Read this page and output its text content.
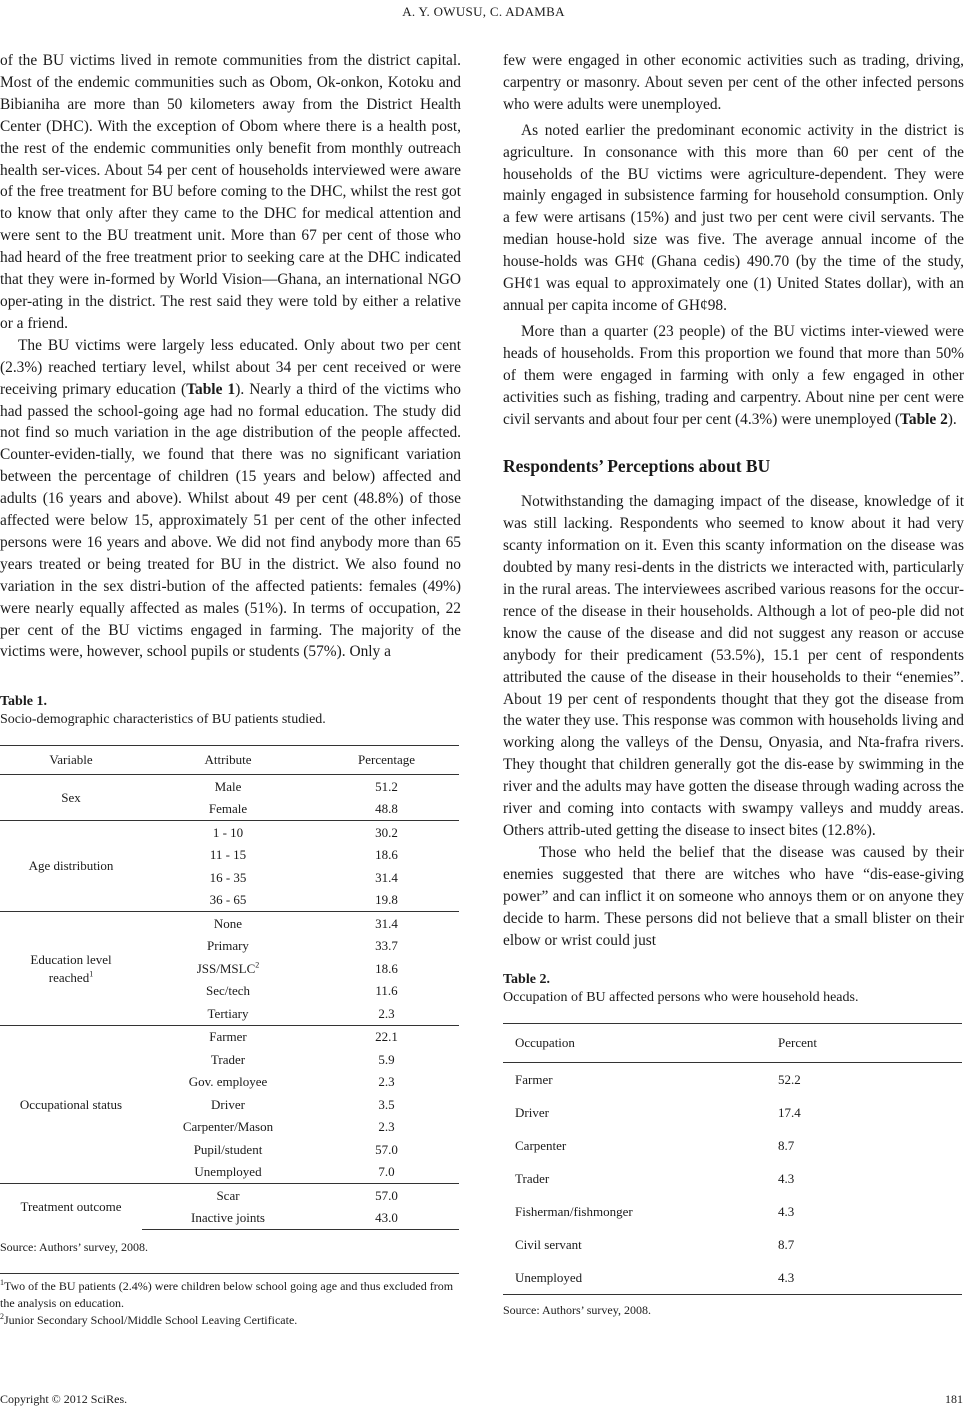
A. Y. OWUSU, C. ADAMBA

of the BU victims lived in remote communities from the district capital. Most of the endemic communities such as Obom, Ok-onkon, Kotoku and Bibianiha are more than 50 kilometers away from the District Health Center (DHC). With the exception of Obom where there is a health post, the rest of the endemic communities only benefit from monthly outreach health ser-vices. About 54 per cent of households interviewed were aware of the free treatment for BU before coming to the DHC, whilst the rest got to know that only after they came to the DHC for medical attention and were sent to the BU treatment unit. More than 67 per cent of those who had heard of the free treatment prior to seeking care at the DHC indicated that they were in-formed by World Vision—Ghana, an international NGO oper-ating in the district. The rest said they were told by either a relative or a friend.

The BU victims were largely less educated. Only about two per cent (2.3%) reached tertiary level, whilst about 34 per cent received or were receiving primary education (Table 1). Nearly a third of the victims who had passed the school-going age had no formal education. The study did not find so much variation in the age distribution of the people affected. Counter-eviden-tially, we found that there was no significant variation between the percentage of children (15 years and below) affected and adults (16 years and above). Whilst about 49 per cent (48.8%) of those affected were below 15, approximately 51 per cent of the other infected persons were 16 years and above. We did not find anybody more than 65 years treated or being treated for BU in the district. We also found no variation in the sex distri-bution of the affected patients: females (49%) were nearly equally affected as males (51%). In terms of occupation, 22 per cent of the BU victims engaged in farming. The majority of the victims were, however, school pupils or students (57%). Only a

Table 1.

Socio-demographic characteristics of BU patients studied.

Variable	Attribute	Percentage
Sex	Male	51.2
	Female	48.8
Age distribution	1 - 10	30.2
	11 - 15	18.6
	16 - 35	31.4
	36 - 65	19.8
Education level reached$^1$	None	31.4
	Primary	33.7
	JSS/MSLC$^2$	18.6
	Sec/tech	11.6
	Tertiary	2.3
Occupational status	Farmer	22.1
	Trader	5.9
	Gov. employee	2.3
	Driver	3.5
	Carpenter/Mason	2.3
	Pupil/student	57.0
	Unemployed	7.0
Treatment outcome	Scar	57.0
	Inactive joints	43.0
Source: Authors’ survey, 2008.

$^1$Two of the BU patients (2.4%) were children below school going age and thus excluded from the analysis on education.

$^2$Junior Secondary School/Middle School Leaving Certificate.

few were engaged in other economic activities such as trading, driving, carpentry or masonry. About seven per cent of the other infected persons who were adults were unemployed.

As noted earlier the predominant economic activity in the district is agriculture. In consonance with this more than 60 per cent of the households of the BU victims were agriculture-dependent. They were mainly engaged in subsistence farming for household consumption. Only a few were artisans (15%) and just two per cent were civil servants. The median house-hold size was five. The average annual income of the house-holds was GH¢ (Ghana cedis) 490.70 (by the time of the study, GH¢1 was equal to approximately one (1) United States dollar), with an annual per capita income of GH¢98.

More than a quarter (23 people) of the BU victims inter-viewed were heads of households. From this proportion we found that more than 50% of them were engaged in farming with only a few engaged in other activities such as fishing, trading and carpentry. About nine per cent were civil servants and about four per cent (4.3%) were unemployed (Table 2).

Respondents’ Perceptions about BU

Notwithstanding the damaging impact of the disease, knowledge of it was still lacking. Respondents who seemed to know about it had very scanty information on it. Even this scanty information on the disease was doubted by many resi-dents in the districts we interacted with, particularly in the rural areas. The interviewees ascribed various reasons for the occur-rence of the disease in their households. Although a lot of peo-ple did not know the cause of the disease and did not suggest any reason or accuse anybody for their predicament (53.5%), 15.1 per cent of respondents attributed the cause of the disease in their households to their “enemies”. About 19 per cent of respondents thought that they got the disease from the water they use. This response was common with households living and working along the valleys of the Densu, Onyasia, and Nta-frafra rivers. They thought that children generally got the dis-ease by swimming in the river and the adults may have gotten the disease through wading across the river and coming into contacts with swampy valleys and muddy areas. Others attrib-uted getting the disease to insect bites (12.8%).

Those who held the belief that the disease was caused by their enemies suggested that there are witches who have “dis-ease-giving power” and can inflict it on someone who annoys them or on anyone they decide to harm. These persons did not believe that a small blister on their elbow or wrist could just

Table 2.

Occupation of BU affected persons who were household heads.

Occupation	Percent
Farmer	52.2
Driver	17.4
Carpenter	8.7
Trader	4.3
Fisherman/fishmonger	4.3
Civil servant	8.7
Unemployed	4.3
Source: Authors’ survey, 2008.
Copyright © 2012 SciRes.	181
